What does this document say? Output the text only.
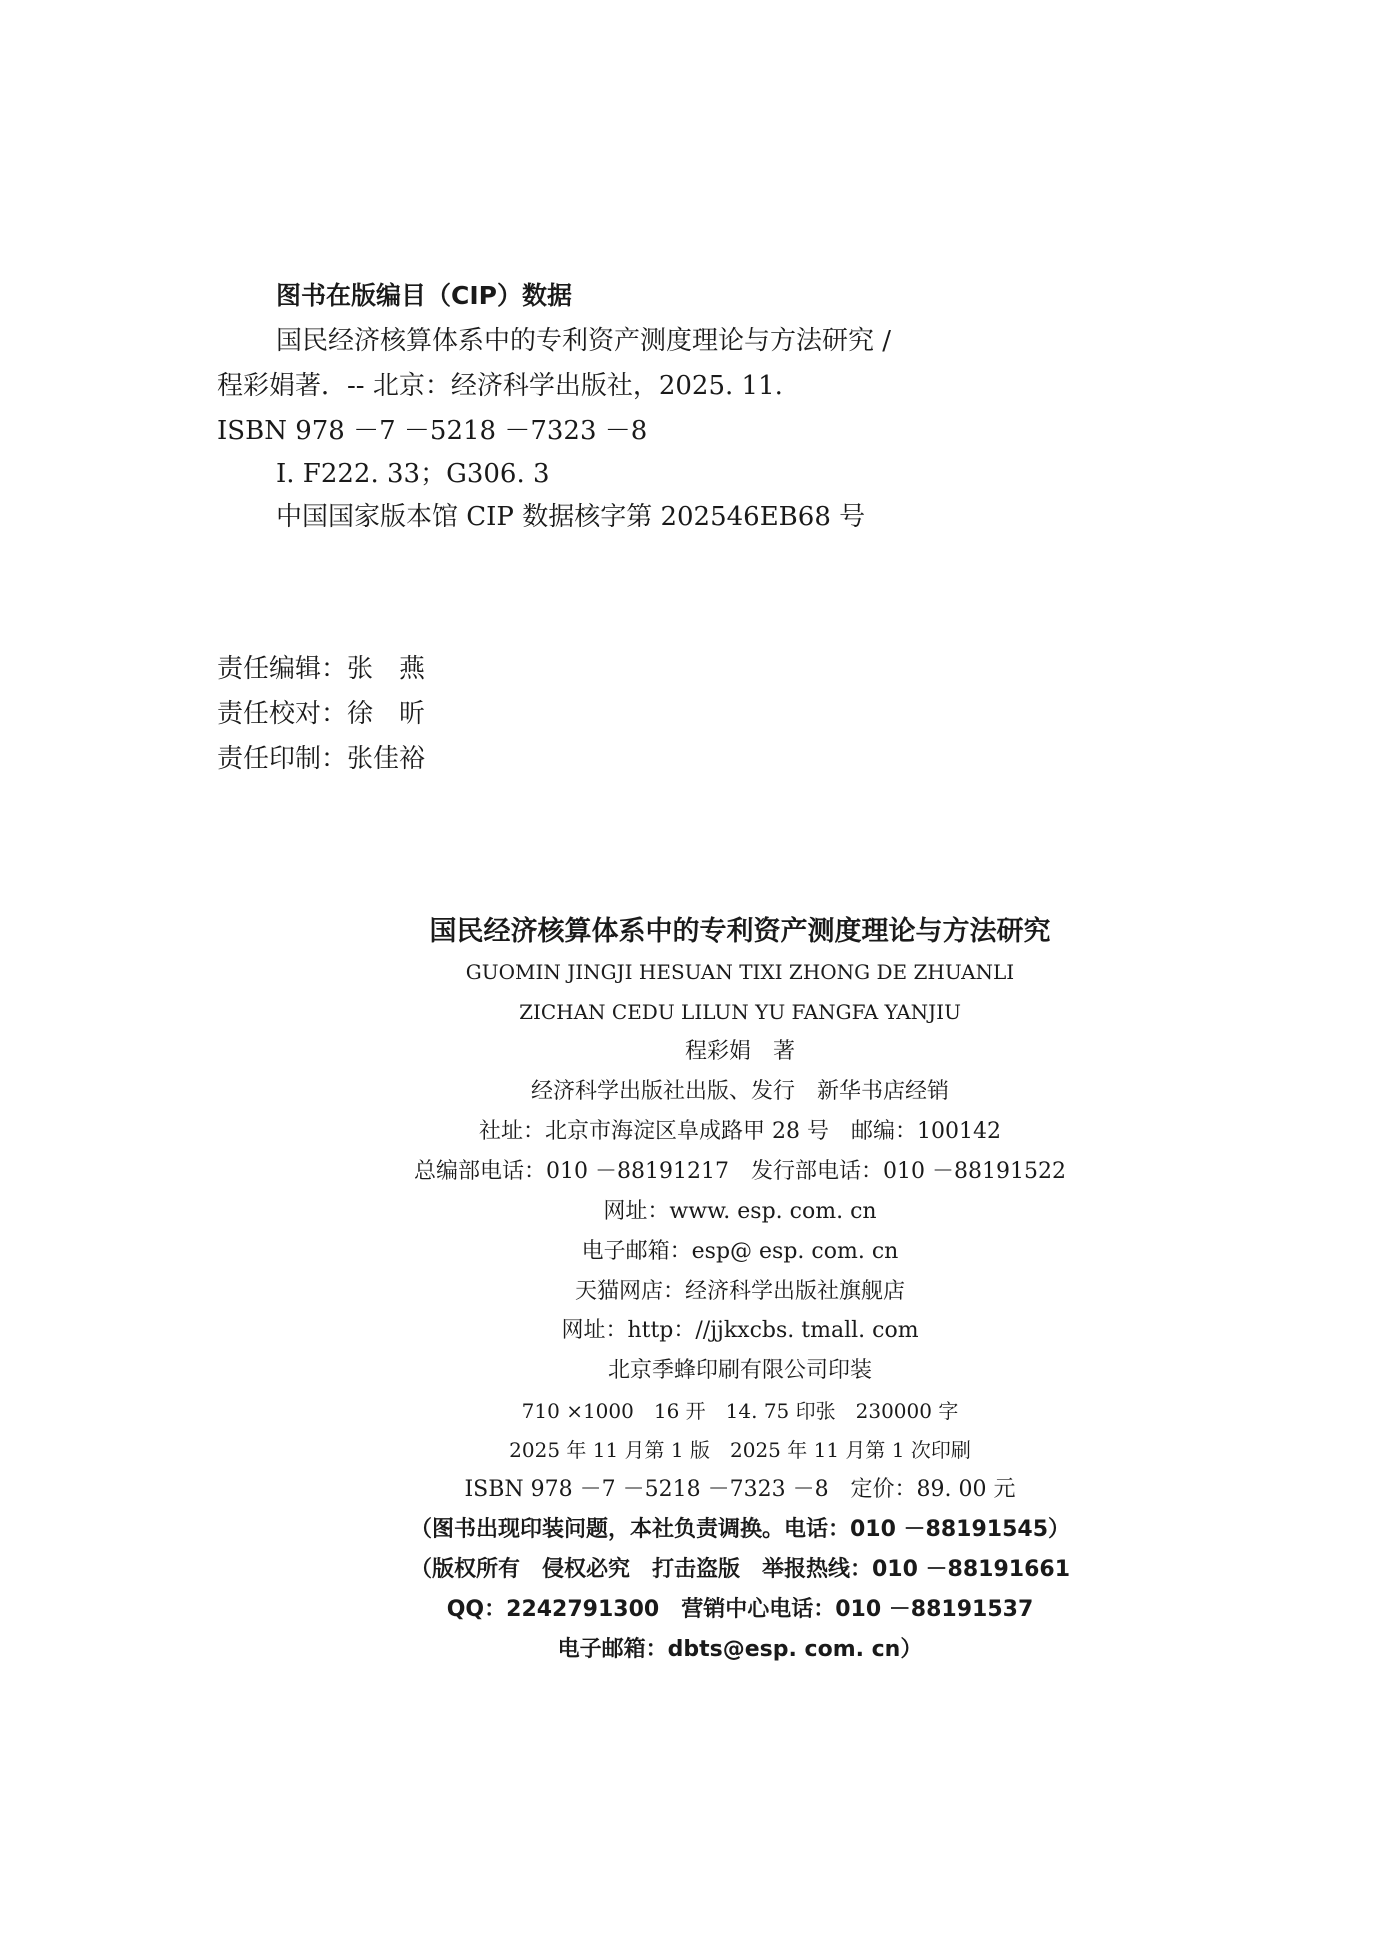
图书在版编目（CIP）数据
国民经济核算体系中的专利资产测度理论与方法研究 /
程彩娟著．-- 北京：经济科学出版社，2025. 11.
ISBN 978 －7 －5218 －7323 －8
Ⅰ. F222. 33；G306. 3
中国国家版本馆 CIP 数据核字第 202546EB68 号
责任编辑：张　燕
责任校对：徐　昕
责任印制：张佳裕
国民经济核算体系中的专利资产测度理论与方法研究
GUOMIN JINGJI HESUAN TIXI ZHONG DE ZHUANLI
ZICHAN CEDU LILUN YU FANGFA YANJIU
程彩娟　著
经济科学出版社出版、发行　新华书店经销
社址：北京市海淀区阜成路甲 28 号　邮编：100142
总编部电话：010 －88191217　发行部电话：010 －88191522
网址：www. esp. com. cn
电子邮箱：esp@ esp. com. cn
天猫网店：经济科学出版社旗舰店
网址：http：//jjkxcbs. tmall. com
北京季蜂印刷有限公司印装
710 ×1000　16 开　14. 75 印张　230000 字
2025 年 11 月第 1 版　2025 年 11 月第 1 次印刷
ISBN 978 －7 －5218 －7323 －8　定价：89. 00 元
（图书出现印装问题，本社负责调换。电话：010 －88191545）
（版权所有　侵权必究　打击盗版　举报热线：010 －88191661
QQ：2242791300　营销中心电话：010 －88191537
电子邮箱：dbts@esp. com. cn）
